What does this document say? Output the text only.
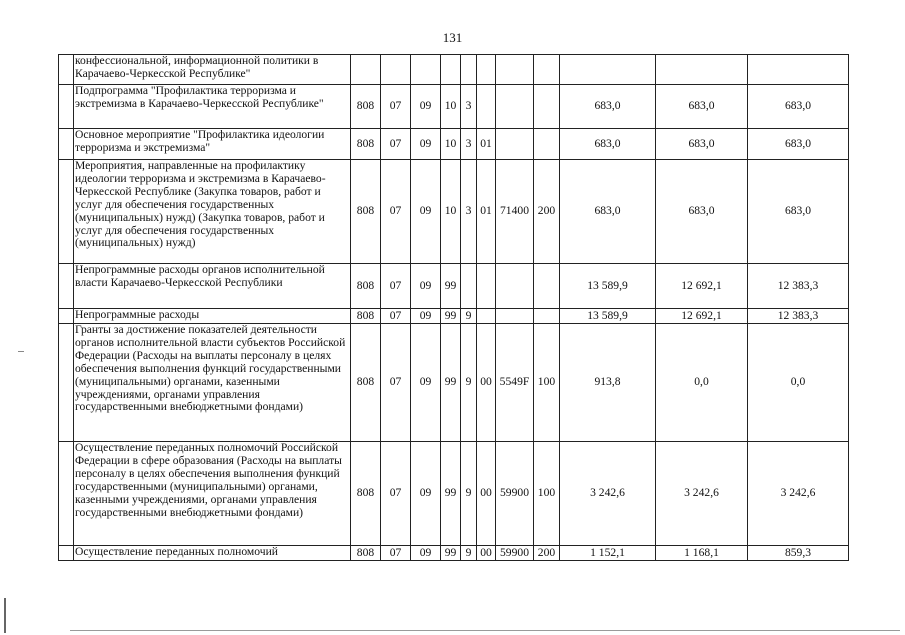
131
	конфессиональной, информационной политики в Карачаево-Черкесской Республике"											
	Подпрограмма "Профилактика терроризма и экстремизма в Карачаево-Черкесской Республике"	808	07	09	10	3				683,0	683,0	683,0
	Основное мероприятие "Профилактика идеологии терроризма и экстремизма"	808	07	09	10	3	01			683,0	683,0	683,0
	Мероприятия, направленные на профилактику идеологии терроризма и экстремизма в Карачаево-Черкесской Республике (Закупка товаров, работ и услуг для обеспечения государственных (муниципальных) нужд) (Закупка товаров, работ и услуг для обеспечения государственных (муниципальных) нужд)	808	07	09	10	3	01	71400	200	683,0	683,0	683,0
	Непрограммные расходы органов исполнительной власти Карачаево-Черкесской Республики	808	07	09	99					13 589,9	12 692,1	12 383,3
	Непрограммные расходы	808	07	09	99	9				13 589,9	12 692,1	12 383,3
	Гранты за достижение показателей деятельности органов исполнительной власти субъектов Российской Федерации (Расходы на выплаты персоналу в целях обеспечения выполнения функций государственными (муниципальными) органами, казенными учреждениями, органами управления государственными внебюджетными фондами)	808	07	09	99	9	00	5549F	100	913,8	0,0	0,0
	Осуществление переданных полномочий Российской Федерации в сфере образования (Расходы на выплаты персоналу в целях обеспечения выполнения функций государственными (муниципальными) органами, казенными учреждениями, органами управления государственными внебюджетными фондами)	808	07	09	99	9	00	59900	100	3 242,6	3 242,6	3 242,6
	Осуществление переданных полномочий	808	07	09	99	9	00	59900	200	1 152,1	1 168,1	859,3
